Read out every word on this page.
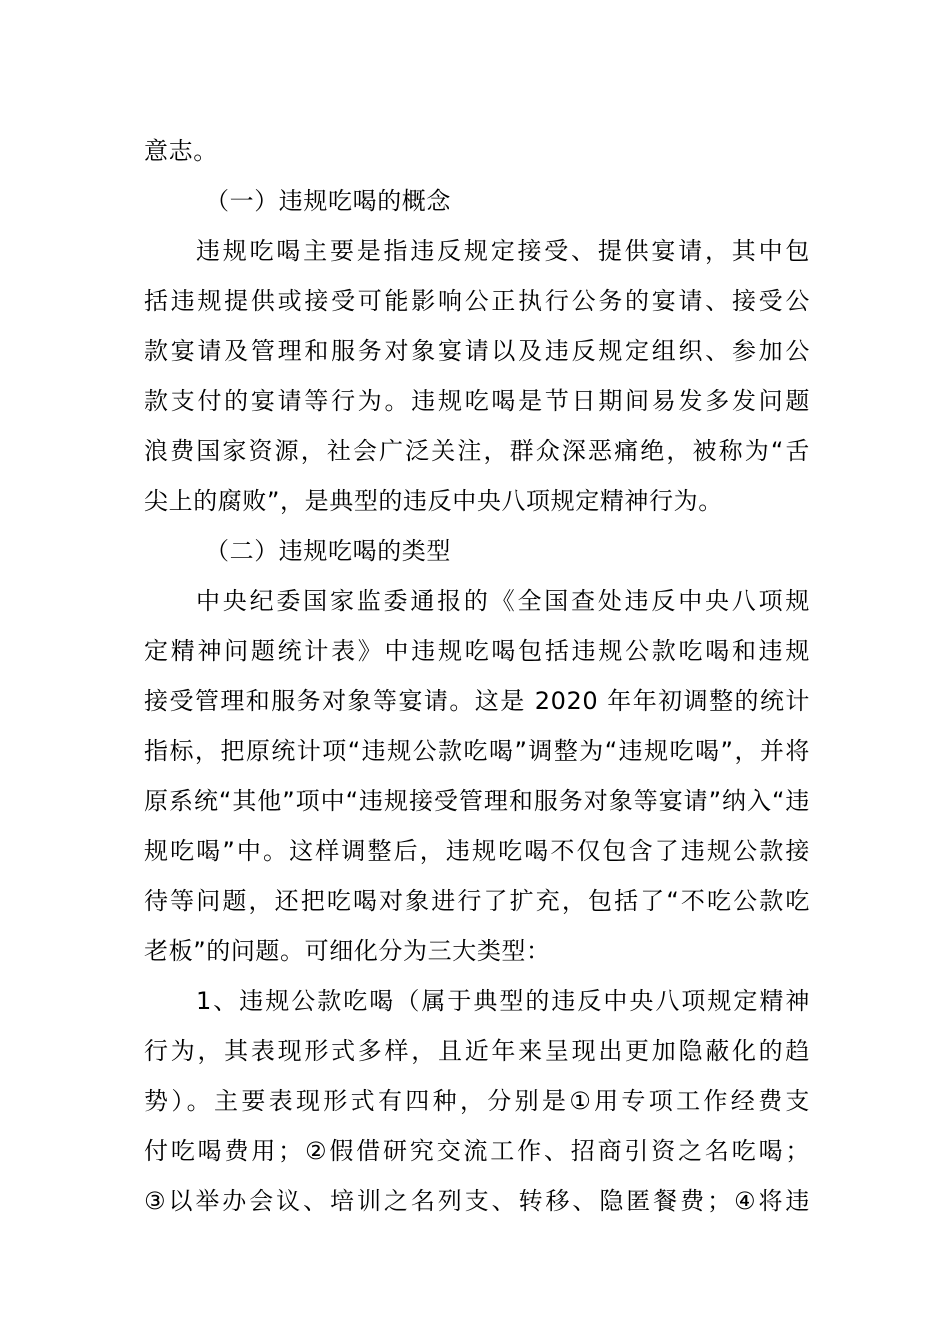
意志。
（一）违规吃喝的概念
违规吃喝主要是指违反规定接受、提供宴请，其中包
括违规提供或接受可能影响公正执行公务的宴请、接受公
款宴请及管理和服务对象宴请以及违反规定组织、参加公
款支付的宴请等行为。违规吃喝是节日期间易发多发问题
浪费国家资源，社会广泛关注，群众深恶痛绝，被称为“舌
尖上的腐败”，是典型的违反中央八项规定精神行为。
（二）违规吃喝的类型
中央纪委国家监委通报的《全国查处违反中央八项规
定精神问题统计表》中违规吃喝包括违规公款吃喝和违规
接受管理和服务对象等宴请。这是 2020 年年初调整的统计
指标，把原统计项“违规公款吃喝”调整为“违规吃喝”，并将
原系统“其他”项中“违规接受管理和服务对象等宴请”纳入“违
规吃喝”中。这样调整后，违规吃喝不仅包含了违规公款接
待等问题，还把吃喝对象进行了扩充，包括了“不吃公款吃
老板”的问题。可细化分为三大类型：
1、违规公款吃喝（属于典型的违反中央八项规定精神
行为，其表现形式多样，且近年来呈现出更加隐蔽化的趋
势）。主要表现形式有四种，分别是①用专项工作经费支
付吃喝费用；②假借研究交流工作、招商引资之名吃喝；
③以举办会议、培训之名列支、转移、隐匿餐费；④将违
